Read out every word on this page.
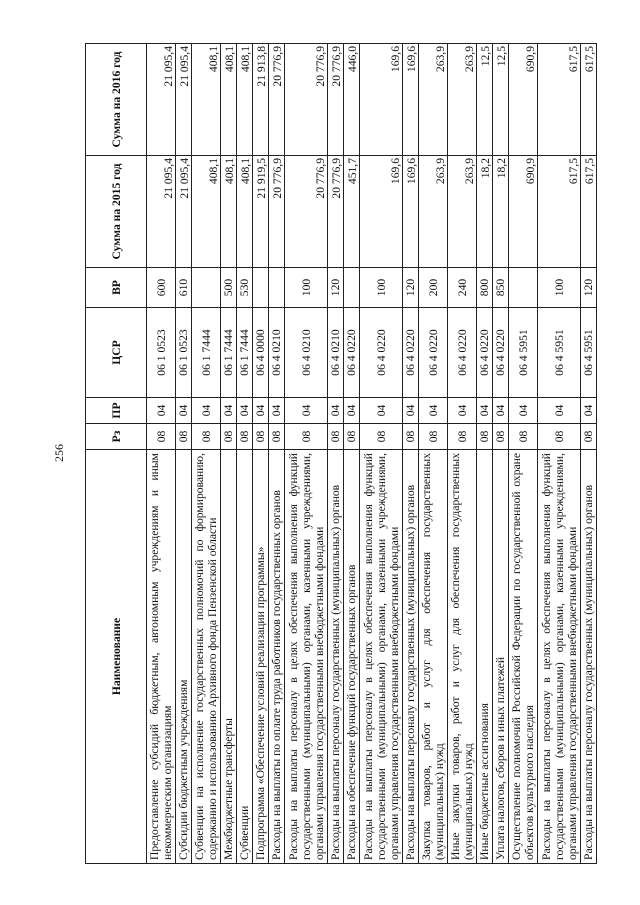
256
Наименование	Рз	ПР	ЦСР	ВР	Сумма на 2015 год	Сумма на 2016 год
Предоставление субсидий бюджетным, автономным учреждениям и иным некоммерческим организациям	08	04	06 1 0523	600	21 095,4	21 095,4
Субсидии бюджетным учреждениям	08	04	06 1 0523	610	21 095,4	21 095,4
Субвенции на исполнение государственных полномочий по формированию, содержанию и использованию Архивного фонда Пензенской области	08	04	06 1 7444		408,1	408,1
Межбюджетные трансферты	08	04	06 1 7444	500	408,1	408,1
Субвенции	08	04	06 1 7444	530	408,1	408,1
Подпрограмма «Обеспечение условий реализации программы»	08	04	06 4 0000		21 919,5	21 913,8
Расходы на выплаты по оплате труда работников государственных органов	08	04	06 4 0210		20 776,9	20 776,9
Расходы на выплаты персоналу в целях обеспечения выполнения функций государственными (муниципальными) органами, казенными учреждениями, органами управления государственными внебюджетными фондами	08	04	06 4 0210	100	20 776,9	20 776,9
Расходы на выплаты персоналу государственных (муниципальных) органов	08	04	06 4 0210	120	20 776,9	20 776,9
Расходы на обеспечение функций государственных органов	08	04	06 4 0220		451,7	446,0
Расходы на выплаты персоналу в целях обеспечения выполнения функций государственными (муниципальными) органами, казенными учреждениями, органами управления государственными внебюджетными фондами	08	04	06 4 0220	100	169,6	169,6
Расходы на выплаты персоналу государственных (муниципальных) органов	08	04	06 4 0220	120	169,6	169,6
Закупка товаров, работ и услуг для обеспечения государственных (муниципальных) нужд	08	04	06 4 0220	200	263,9	263,9
Иные закупки товаров, работ и услуг для обеспечения государственных (муниципальных) нужд	08	04	06 4 0220	240	263,9	263,9
Иные бюджетные ассигнования	08	04	06 4 0220	800	18,2	12,5
Уплата налогов, сборов и иных платежей	08	04	06 4 0220	850	18,2	12,5
Осуществление полномочий Российской Федерации по государственной охране объектов культурного наследия	08	04	06 4 5951		690,9	690,9
Расходы на выплаты персоналу в целях обеспечения выполнения функций государственными (муниципальными) органами, казенными учреждениями, органами управления государственными внебюджетными фондами	08	04	06 4 5951	100	617,5	617,5
Расходы на выплаты персоналу государственных (муниципальных) органов	08	04	06 4 5951	120	617,5	617,5
